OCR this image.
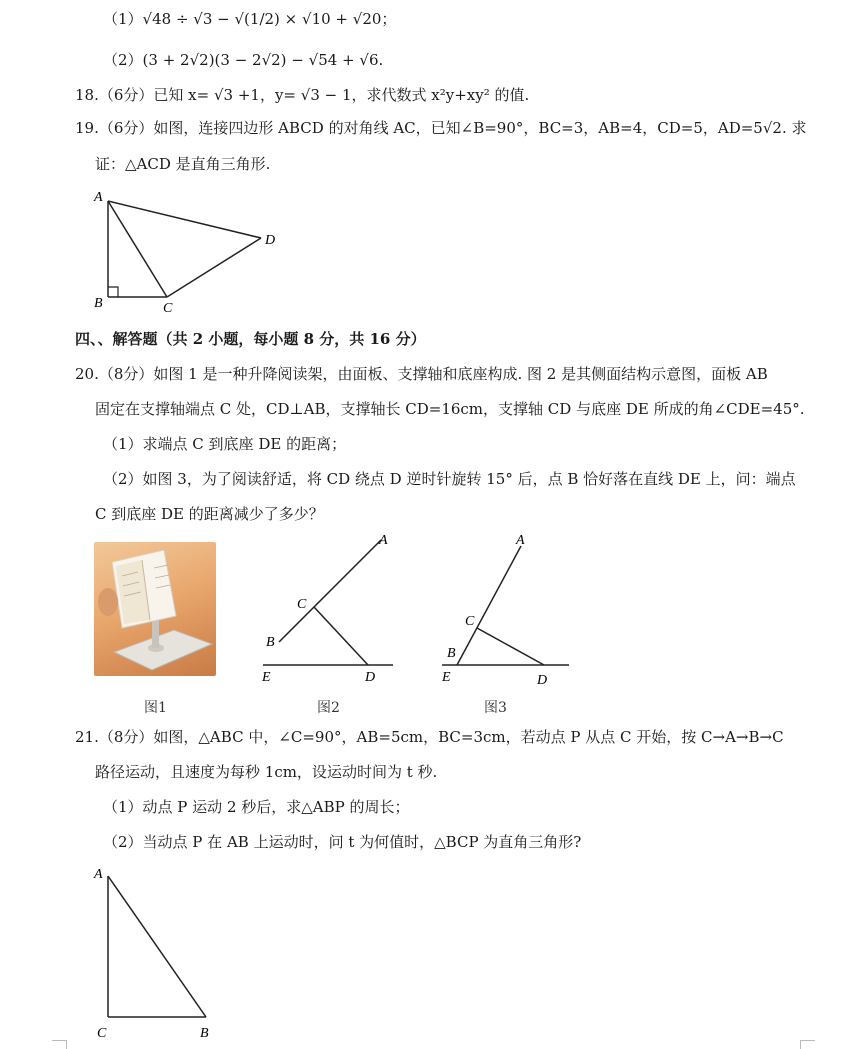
（1）√48 ÷ √3 − √(1/2) × √10 + √20；
（2）(3 + 2√2)(3 − 2√2) − √54 + √6.
18.（6分）已知 x= √3 +1，y= √3 − 1，求代数式 x²y+xy² 的值.
19.（6分）如图，连接四边形 ABCD 的对角线 AC，已知∠B=90°，BC=3，AB=4，CD=5，AD=5√2. 求
证：△ACD 是直角三角形.
A
B	C
D
四、、解答题（共 2 小题，每小题 8 分，共 16 分）
20.（8分）如图 1 是一种升降阅读架，由面板、支撑轴和底座构成. 图 2 是其侧面结构示意图，面板 AB
固定在支撑轴端点 C 处，CD⊥AB，支撑轴长 CD=16cm，支撑轴 CD 与底座 DE 所成的角∠CDE=45°.
（1）求端点 C 到底座 DE 的距离；
（2）如图 3，为了阅读舒适，将 CD 绕点 D 逆时针旋转 15° 后，点 B 恰好落在直线 DE 上，问：端点
C 到底座 DE 的距离减少了多少？
图1
A
C
B
E	D
图2
A
C
B
E	D
图3
21.（8分）如图，△ABC 中，∠C=90°，AB=5cm，BC=3cm，若动点 P 从点 C 开始，按 C→A→B→C
路径运动，且速度为每秒 1cm，设运动时间为 t 秒.
（1）动点 P 运动 2 秒后，求△ABP 的周长；
（2）当动点 P 在 AB 上运动时，问 t 为何值时，△BCP 为直角三角形?
A
C	B
